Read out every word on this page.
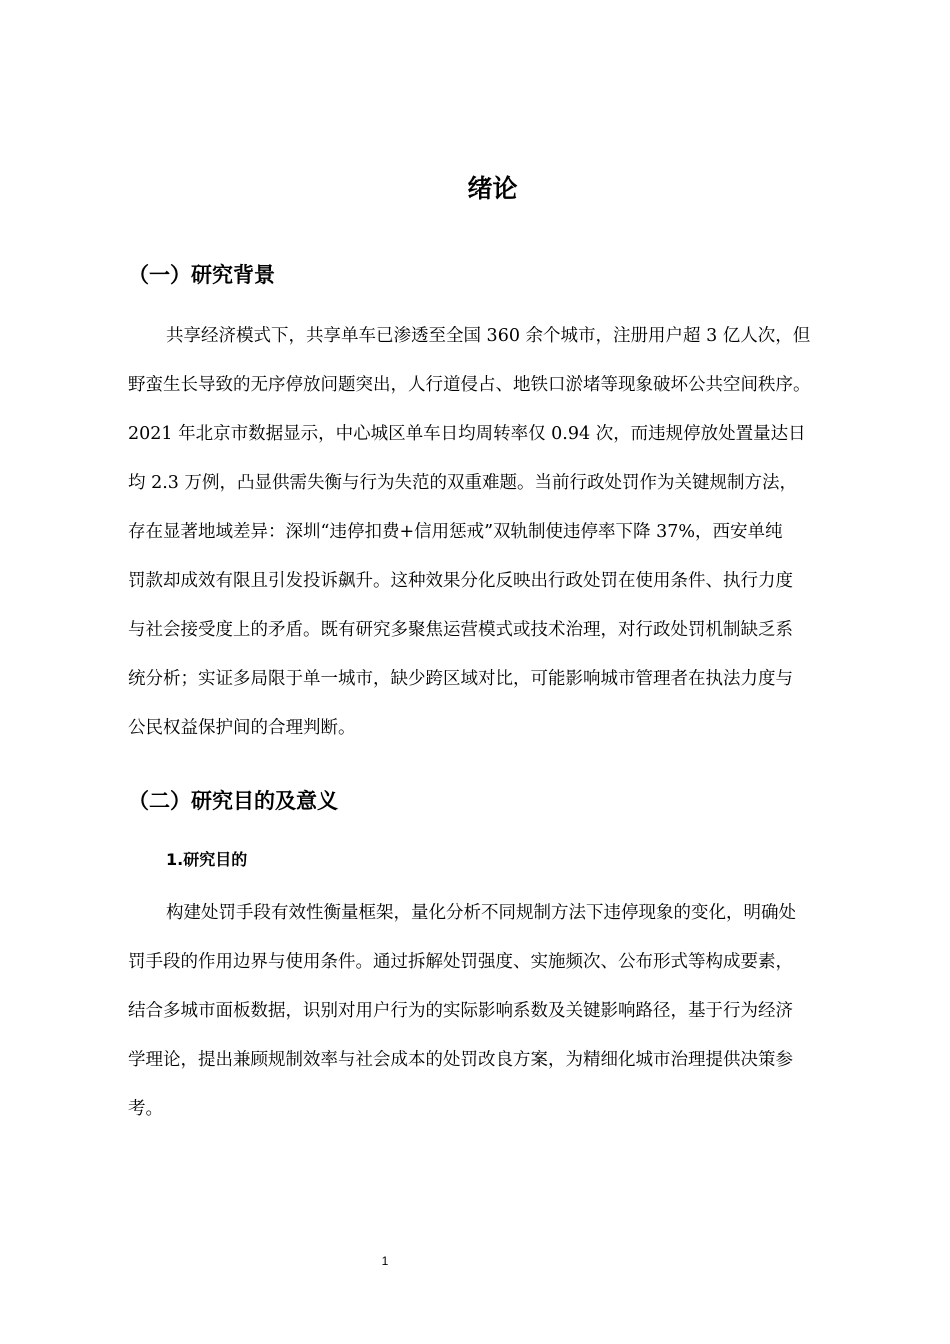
绪论
（一）研究背景

共享经济模式下，共享单车已渗透至全国 360 余个城市，注册用户超 3 亿人次，但

野蛮生长导致的无序停放问题突出，人行道侵占、地铁口淤堵等现象破坏公共空间秩序。

2021 年北京市数据显示，中心城区单车日均周转率仅 0.94 次，而违规停放处置量达日

均 2.3 万例，凸显供需失衡与行为失范的双重难题。当前行政处罚作为关键规制方法，

存在显著地域差异：深圳“违停扣费+信用惩戒”双轨制使违停率下降 37%，西安单纯

罚款却成效有限且引发投诉飙升。这种效果分化反映出行政处罚在使用条件、执行力度

与社会接受度上的矛盾。既有研究多聚焦运营模式或技术治理，对行政处罚机制缺乏系

统分析；实证多局限于单一城市，缺少跨区域对比，可能影响城市管理者在执法力度与

公民权益保护间的合理判断。

（二）研究目的及意义
1.研究目的

构建处罚手段有效性衡量框架，量化分析不同规制方法下违停现象的变化，明确处

罚手段的作用边界与使用条件。通过拆解处罚强度、实施频次、公布形式等构成要素，

结合多城市面板数据，识别对用户行为的实际影响系数及关键影响路径，基于行为经济

学理论，提出兼顾规制效率与社会成本的处罚改良方案，为精细化城市治理提供决策参

考。

1
